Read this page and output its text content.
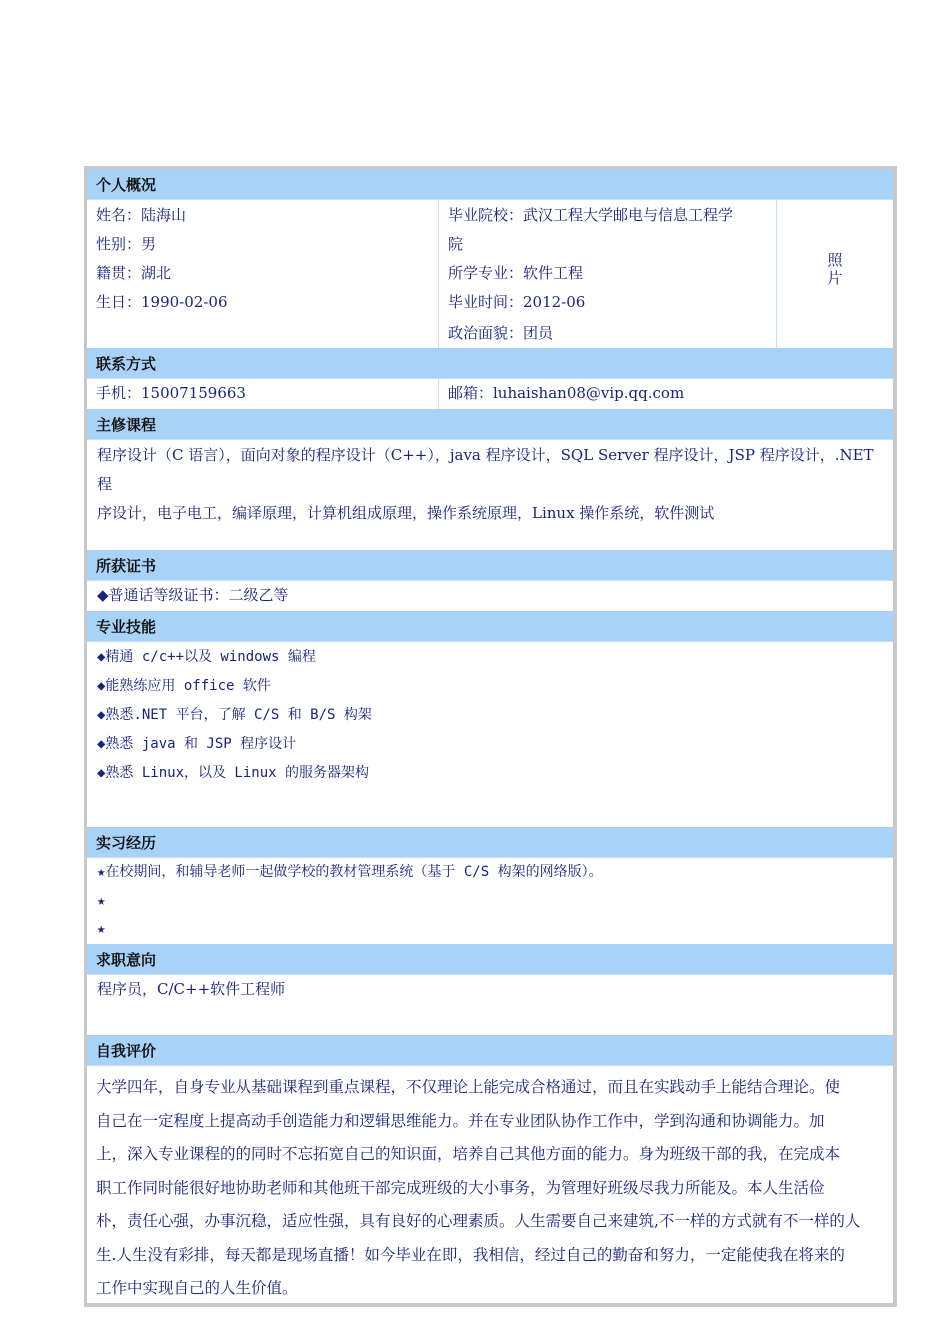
个人概况
姓名：陆海山
性别：男
籍贯：湖北
生日：1990-02-06
毕业院校：武汉工程大学邮电与信息工程学
院
所学专业：软件工程
毕业时间：2012-06
政治面貌：团员
照片
联系方式
手机：15007159663	邮箱：luhaishan08@vip.qq.com
主修课程
程序设计（C 语言），面向对象的程序设计（C++），java 程序设计，SQL Server 程序设计，JSP 程序设计，.NET 程
序设计，电子电工，编译原理，计算机组成原理，操作系统原理，Linux 操作系统，软件测试
所获证书
◆普通话等级证书：二级乙等
专业技能
◆精通 c/c++以及 windows 编程
◆能熟练应用 office 软件
◆熟悉.NET 平台，了解 C/S 和 B/S 构架
◆熟悉 java 和 JSP 程序设计
◆熟悉 Linux，以及 Linux 的服务器架构
实习经历
★在校期间，和辅导老师一起做学校的教材管理系统（基于 C/S 构架的网络版）。
★
★
求职意向
程序员，C/C++软件工程师
自我评价
大学四年，自身专业从基础课程到重点课程，不仅理论上能完成合格通过，而且在实践动手上能结合理论。使
自己在一定程度上提高动手创造能力和逻辑思维能力。并在专业团队协作工作中，学到沟通和协调能力。加
上，深入专业课程的的同时不忘拓宽自己的知识面，培养自己其他方面的能力。身为班级干部的我，在完成本
职工作同时能很好地协助老师和其他班干部完成班级的大小事务，为管理好班级尽我力所能及。本人生活俭
朴，责任心强，办事沉稳，适应性强，具有良好的心理素质。人生需要自己来建筑,不一样的方式就有不一样的人
生.人生没有彩排，每天都是现场直播！如今毕业在即，我相信，经过自己的勤奋和努力，一定能使我在将来的
工作中实现自己的人生价值。
